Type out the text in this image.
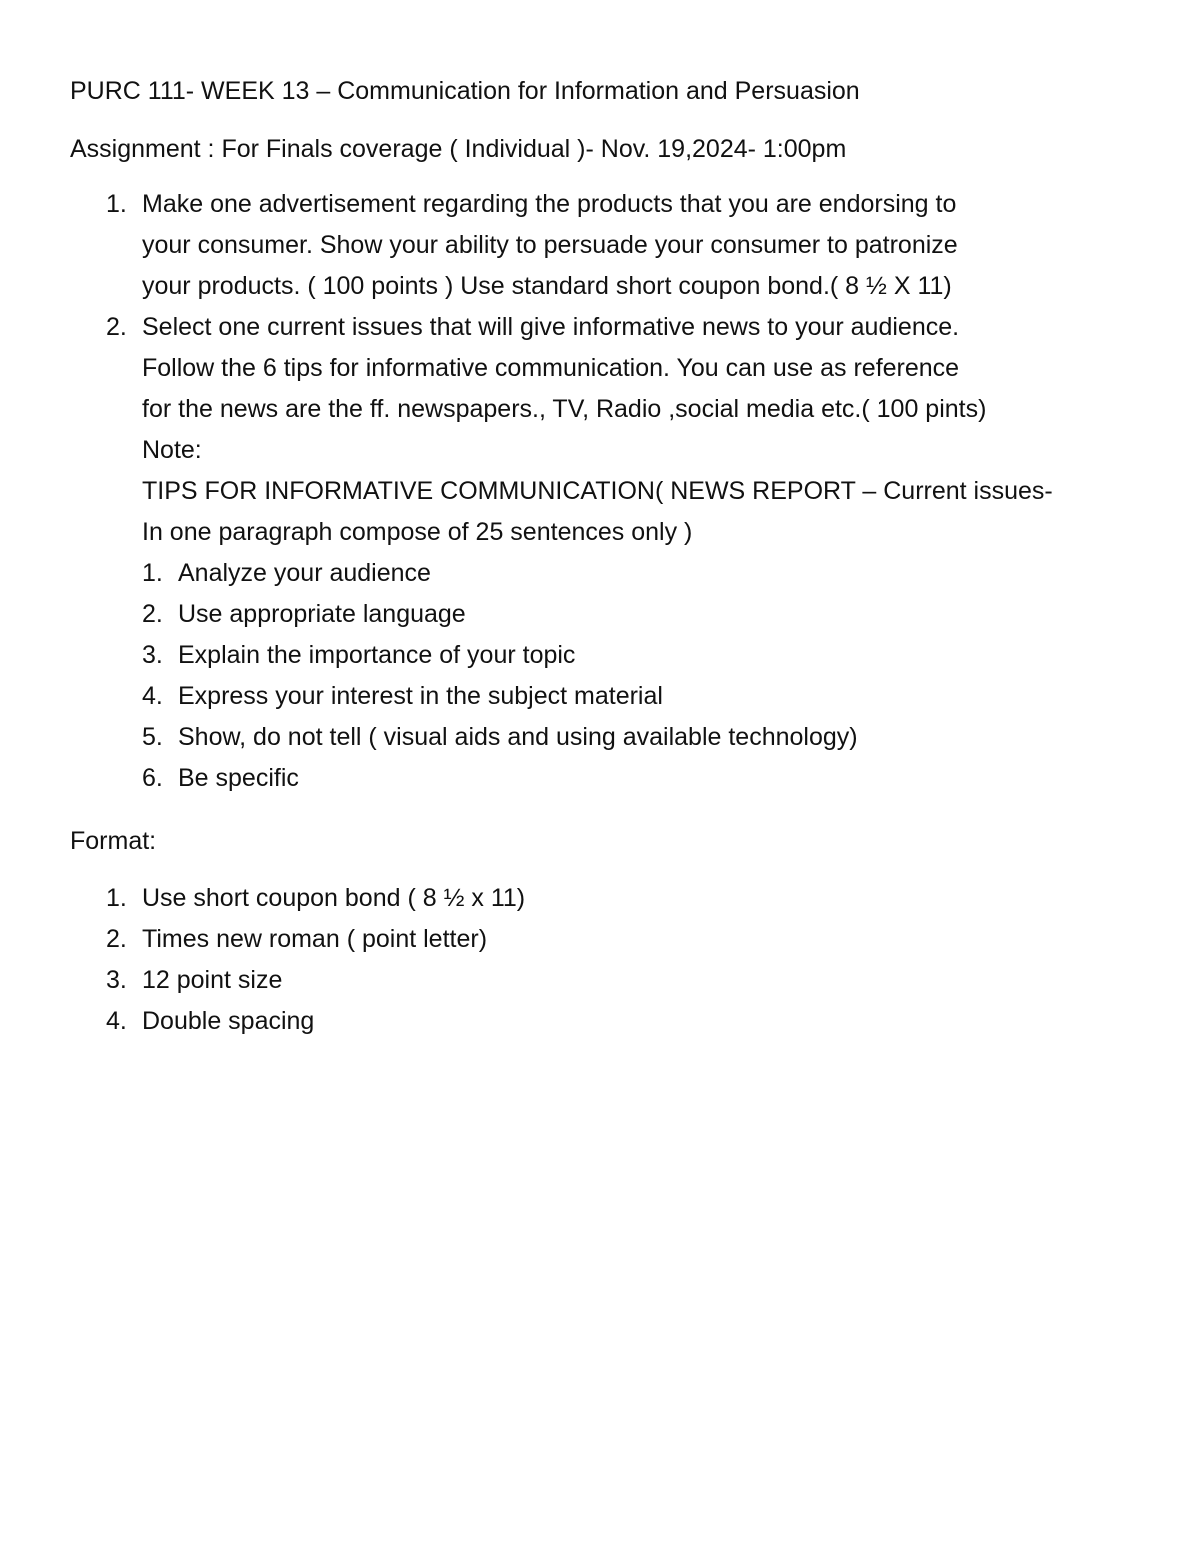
PURC 111- WEEK 13 – Communication for Information and Persuasion
Assignment : For Finals coverage ( Individual )- Nov. 19,2024- 1:00pm
1. Make one advertisement regarding the products that you are endorsing to
your consumer. Show your ability to persuade your consumer to patronize
your products. ( 100 points ) Use standard short coupon bond.( 8 ½ X 11)
2. Select one current issues that will give informative news to your audience.
Follow the 6 tips for informative communication. You can use as reference
for the news are the ff. newspapers., TV, Radio ,social media etc.( 100 pints)
Note:
TIPS FOR INFORMATIVE COMMUNICATION( NEWS REPORT – Current issues-
In one paragraph compose of 25 sentences only )
1. Analyze your audience
2. Use appropriate language
3. Explain the importance of your topic
4. Express your interest in the subject material
5. Show, do not tell ( visual aids and using available technology)
6. Be specific
Format:
1. Use short coupon bond ( 8 ½ x 11)
2. Times new roman ( point letter)
3. 12 point size
4. Double spacing
